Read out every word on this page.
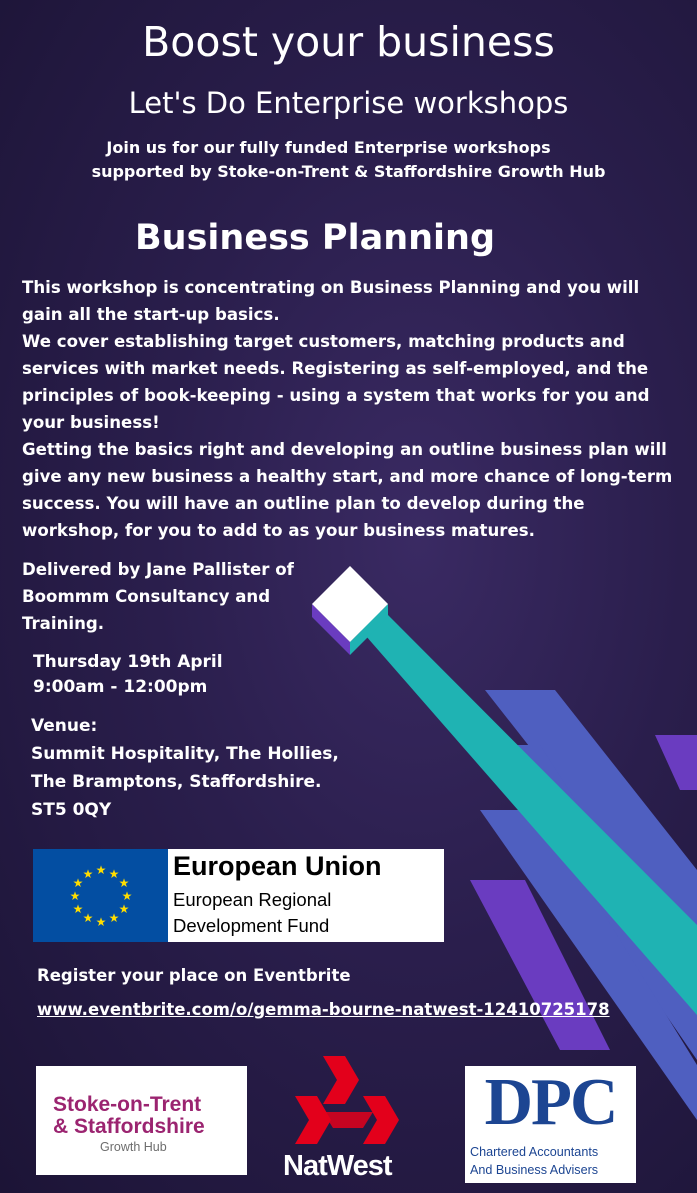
Boost your business
Let's Do Enterprise workshops
Join us for our fully funded Enterprise workshops
supported by Stoke-on-Trent & Staffordshire Growth Hub
Business Planning

This workshop is concentrating on Business Planning and you will gain all the start-up basics.

We cover establishing target customers, matching products and services with market needs. Registering as self-employed, and the principles of book-keeping - using a system that works for you and your business!

Getting the basics right and developing an outline business plan will give any new business a healthy start, and more chance of long-term success. You will have an outline plan to develop during the workshop, for you to add to as your business matures.

Delivered by Jane Pallister of Boommm Consultancy and Training.
Thursday 19th April
9:00am - 12:00pm
Venue:
Summit Hospitality, The Hollies,
The Bramptons, Staffordshire.
ST5 0QY
★ ★
★
★
★
★
★
★
★
★
★
★	European Union
European Regional
Development Fund
Register your place on Eventbrite
www.eventbrite.com/o/gemma-bourne-natwest-12410725178
Stoke-on-Trent
& Staffordshire
Growth Hub
NatWest
DPC
Chartered Accountants
And Business Advisers
